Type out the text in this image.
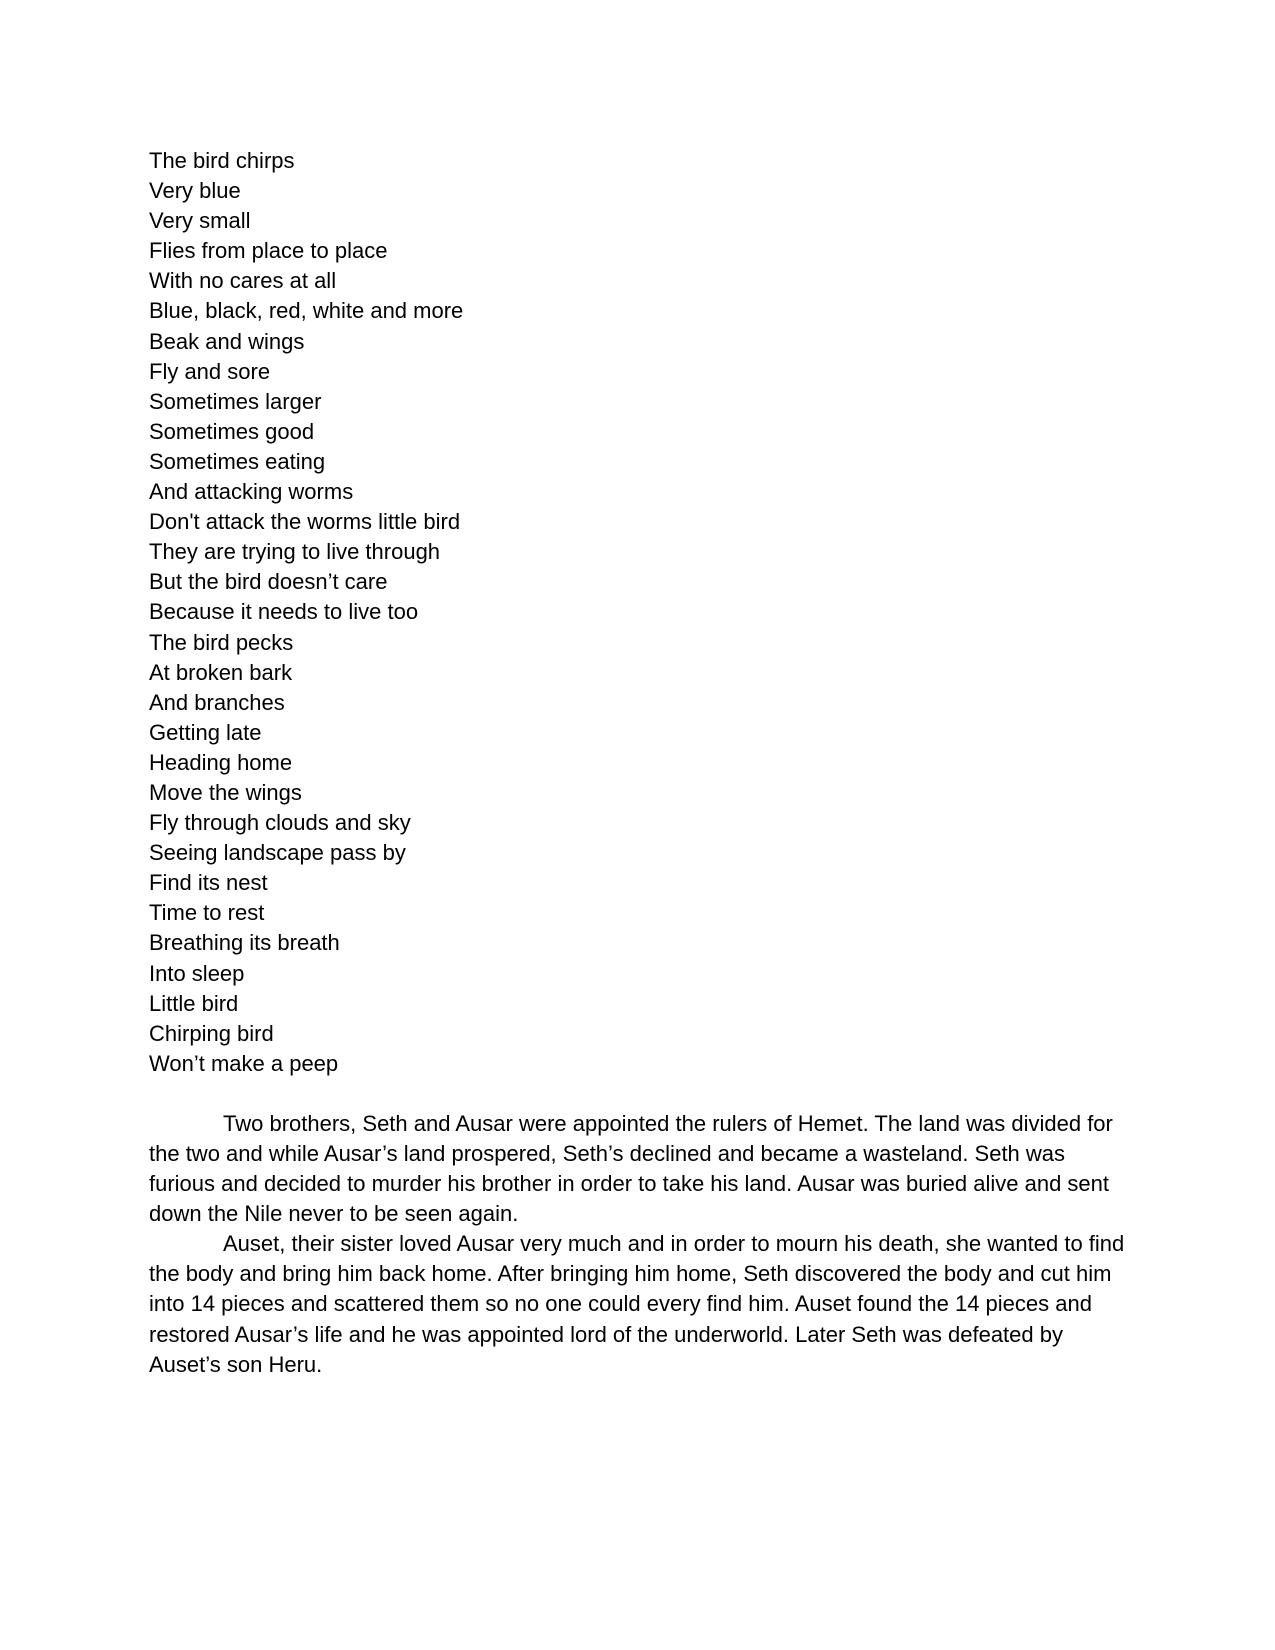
The bird chirps
Very blue
Very small
Flies from place to place
With no cares at all
Blue, black, red, white and more
Beak and wings
Fly and sore
Sometimes larger
Sometimes good
Sometimes eating
And attacking worms
Don't attack the worms little bird
They are trying to live through
But the bird doesn’t care
Because it needs to live too
The bird pecks
At broken bark
And branches
Getting late
Heading home
Move the wings
Fly through clouds and sky
Seeing landscape pass by
Find its nest
Time to rest
Breathing its breath
Into sleep
Little bird
Chirping bird
Won’t make a peep

Two brothers, Seth and Ausar were appointed the rulers of Hemet. The land was divided for the two and while Ausar’s land prospered, Seth’s declined and became a wasteland. Seth was furious and decided to murder his brother in order to take his land. Ausar was buried alive and sent down the Nile never to be seen again.

Auset, their sister loved Ausar very much and in order to mourn his death, she wanted to find the body and bring him back home. After bringing him home, Seth discovered the body and cut him into 14 pieces and scattered them so no one could every find him. Auset found the 14 pieces and restored Ausar’s life and he was appointed lord of the underworld. Later Seth was defeated by Auset’s son Heru.
